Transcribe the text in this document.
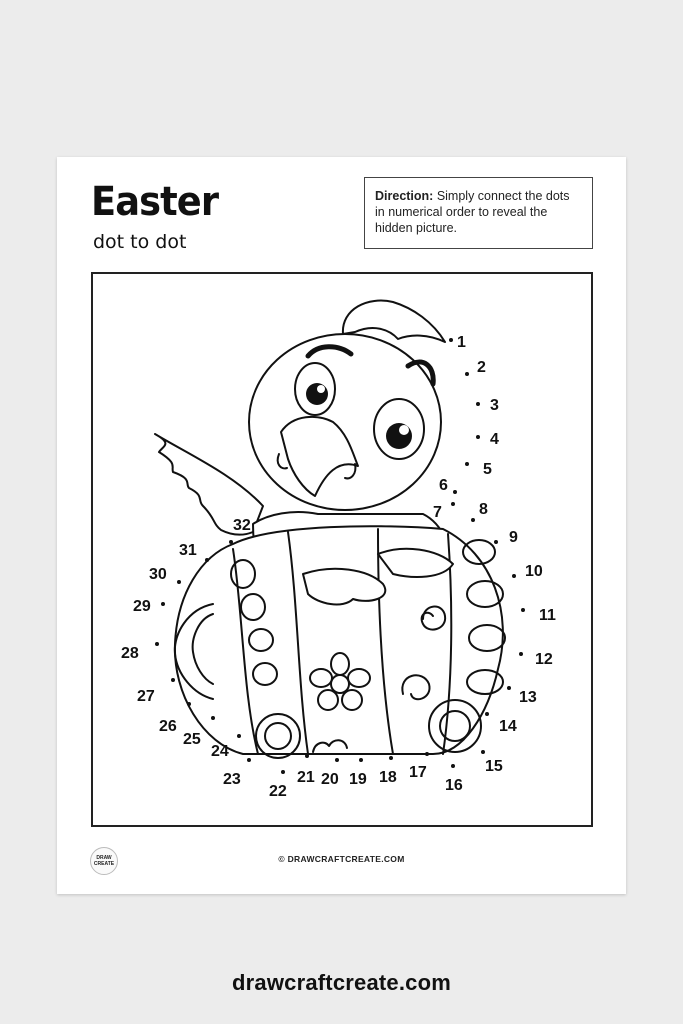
Easter
dot to dot
Direction: Simply connect the dots in numerical order to reveal the hidden picture.
1
2
3
4
5
6
7 8
9
10
11
12
13
14
15
16
17
18
19
20
21
22
23
24
25
26
27
28
29
30
31
32
DRAW CREATE	© DRAWCRAFTCREATE.COM
drawcraftcreate.com
